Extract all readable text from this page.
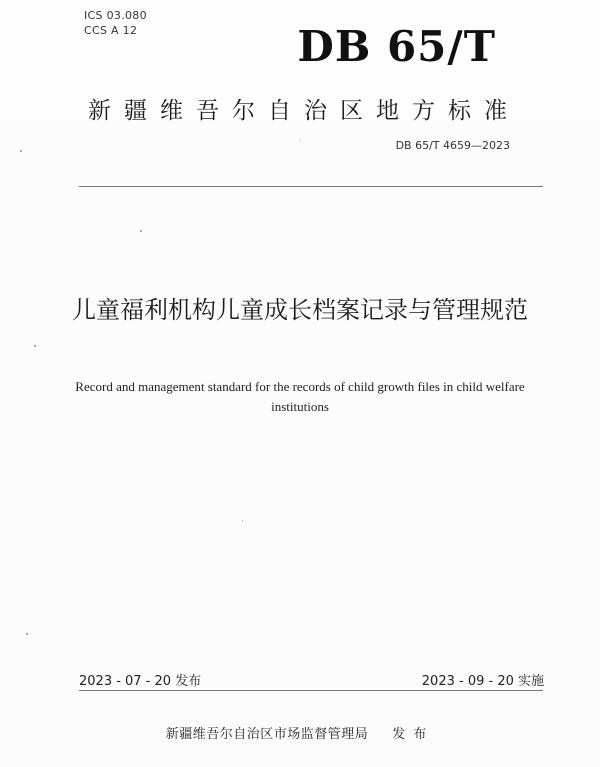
ICS 03.080
CCS A 12	DB 65/T
新疆维吾尔自治区地方标准
DB 65/T 4659—2023
儿童福利机构儿童成长档案记录与管理规范
Record and management standard for the records of child growth files in child welfare institutions
2023 - 07 - 20 发布	2023 - 09 - 20 实施
新疆维吾尔自治区市场监督管理局 发布
